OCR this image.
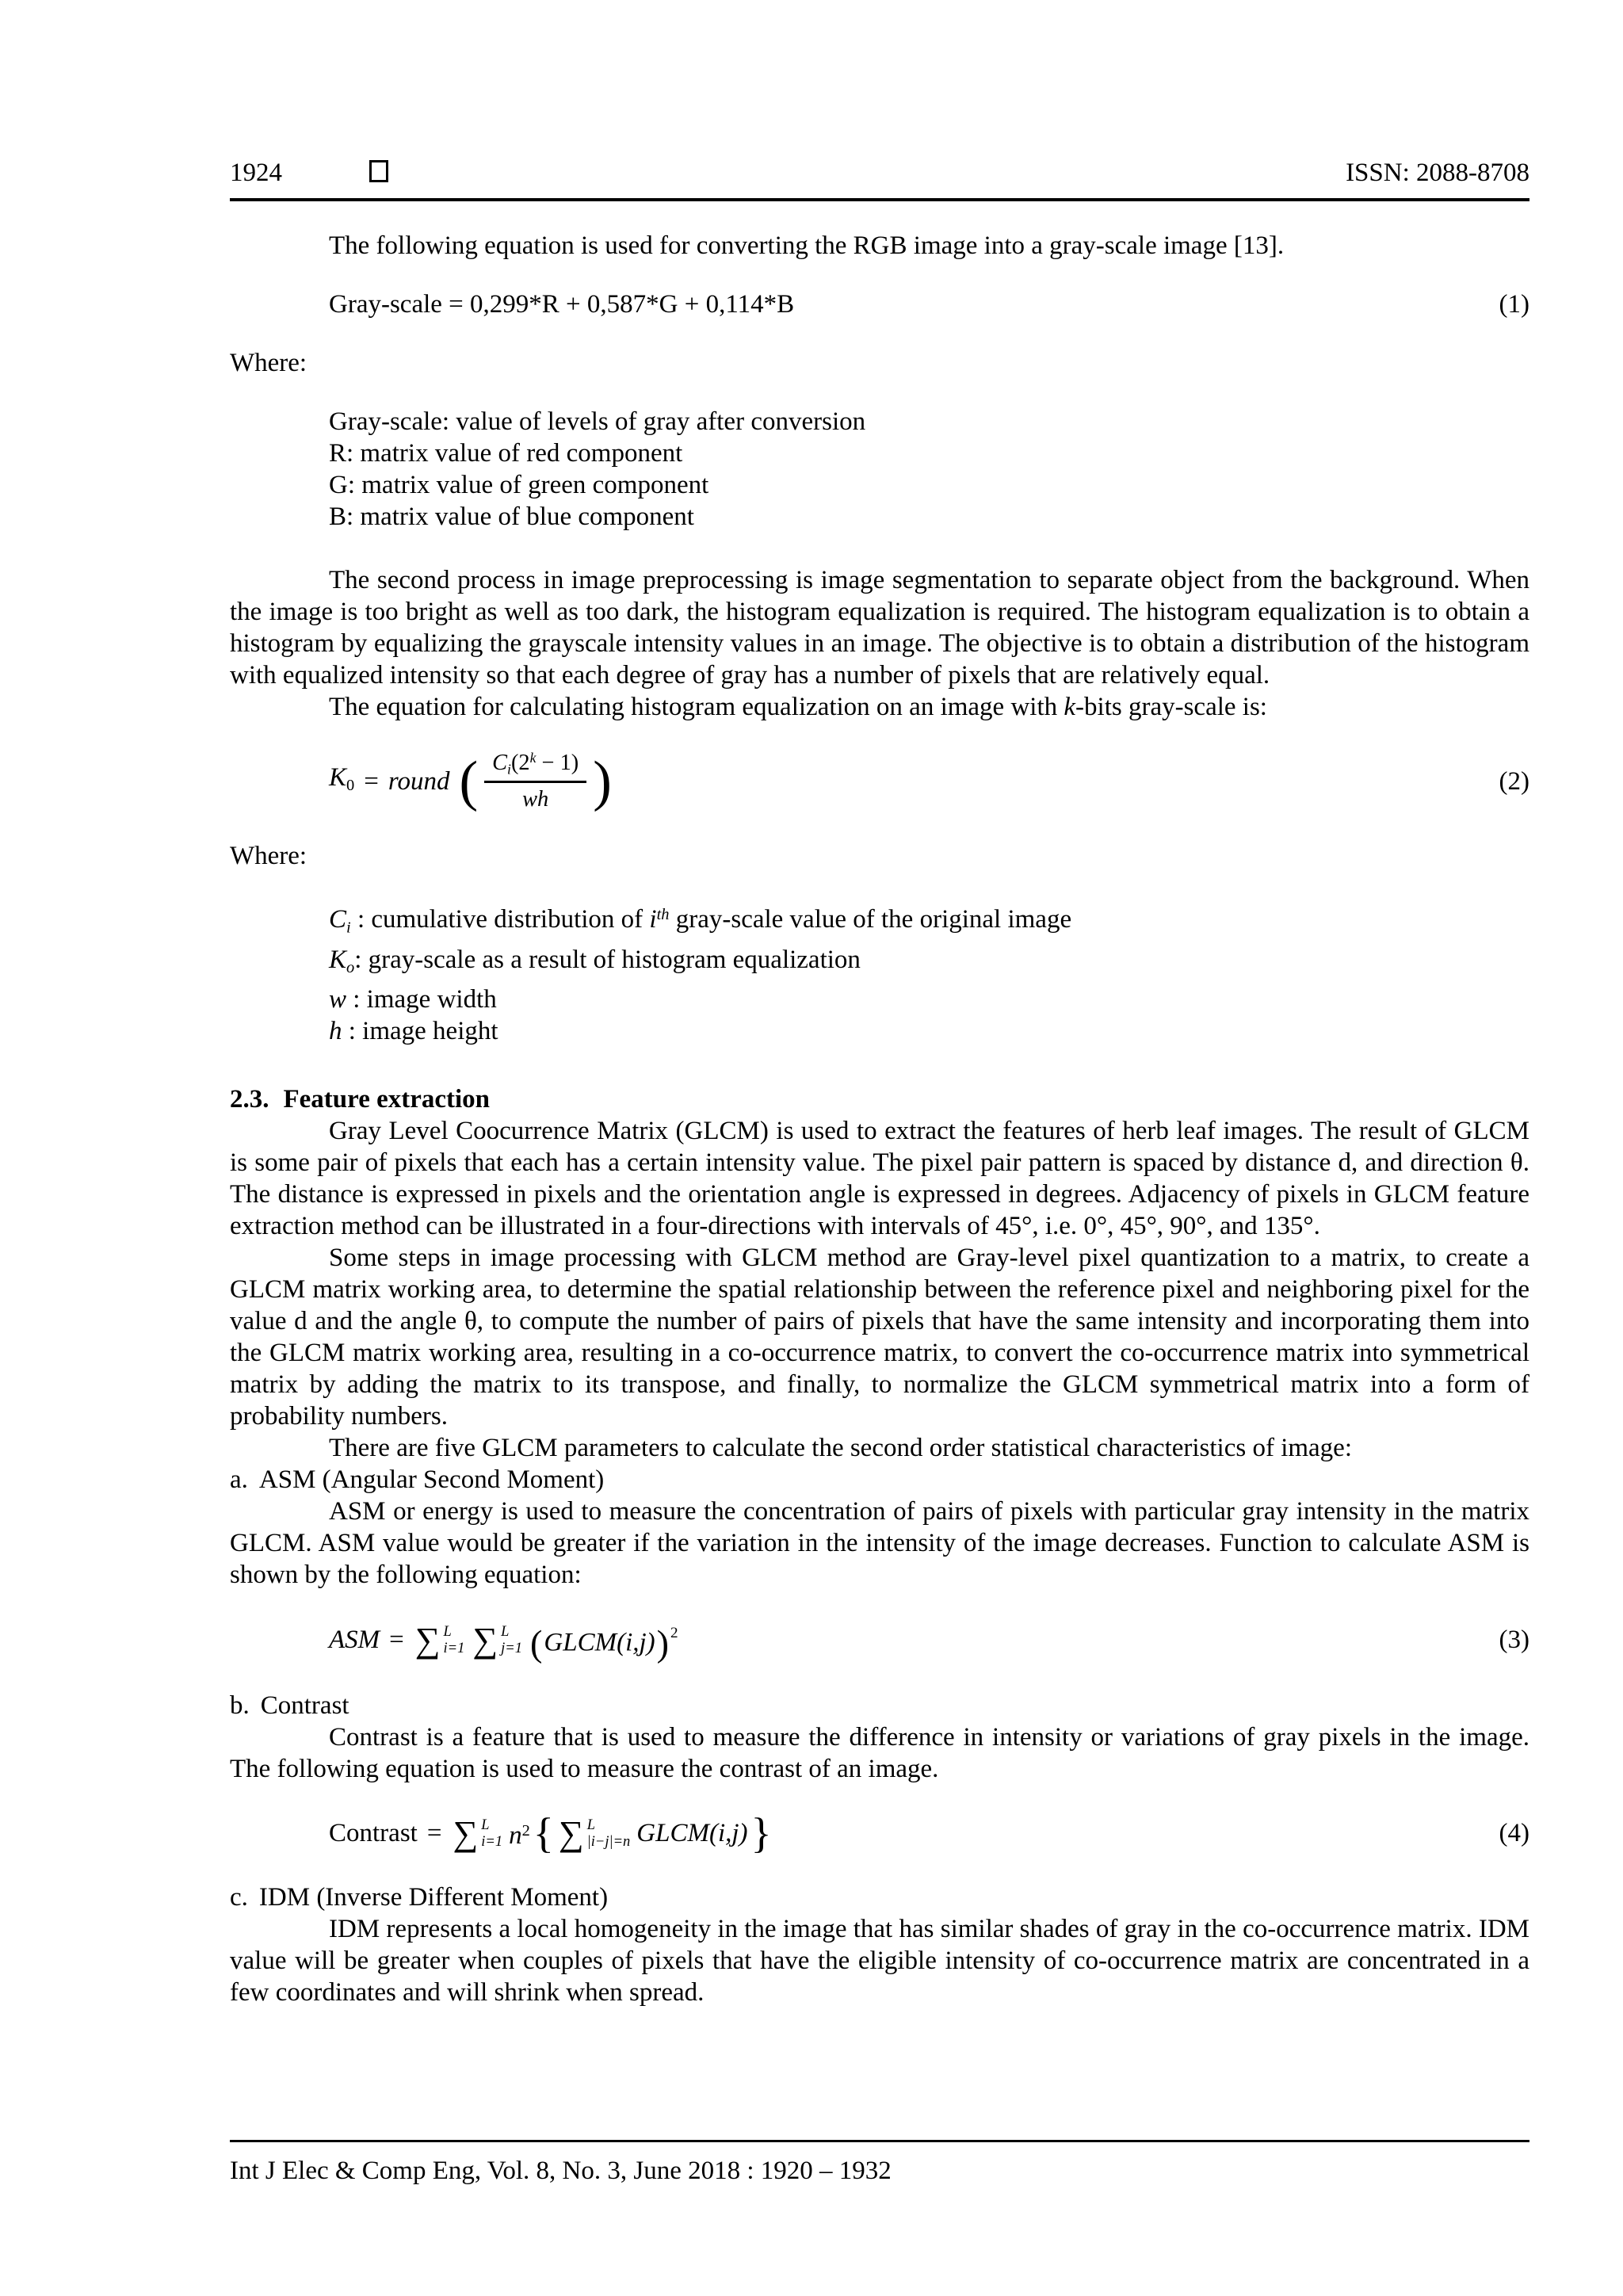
1924	ISSN: 2088-8708

The following equation is used for converting the RGB image into a gray-scale image [13].

Gray-scale = 0,299*R + 0,587*G + 0,114*B	(1)

Where:

Gray-scale: value of levels of gray after conversion

R: matrix value of red component

G: matrix value of green component

B: matrix value of blue component

The second process in image preprocessing is image segmentation to separate object from the background. When the image is too bright as well as too dark, the histogram equalization is required. The histogram equalization is to obtain a histogram by equalizing the grayscale intensity values in an image. The objective is to obtain a distribution of the histogram with equalized intensity so that each degree of gray has a number of pixels that are relatively equal.

The equation for calculating histogram equalization on an image with k-bits gray-scale is:

K0 = round ( $\frac{Ci(2^k - 1)}{wh}$ )	(2)

Where:

Ci : cumulative distribution of $i^{th}$ gray-scale value of the original image

Ko: gray-scale as a result of histogram equalization

w : image width

h : image height

2.3. Feature extraction

Gray Level Coocurrence Matrix (GLCM) is used to extract the features of herb leaf images. The result of GLCM is some pair of pixels that each has a certain intensity value. The pixel pair pattern is spaced by distance d, and direction θ. The distance is expressed in pixels and the orientation angle is expressed in degrees. Adjacency of pixels in GLCM feature extraction method can be illustrated in a four-directions with intervals of 45°, i.e. 0°, 45°, 90°, and 135°.

Some steps in image processing with GLCM method are Gray-level pixel quantization to a matrix, to create a GLCM matrix working area, to determine the spatial relationship between the reference pixel and neighboring pixel for the value d and the angle θ, to compute the number of pairs of pixels that have the same intensity and incorporating them into the GLCM matrix working area, resulting in a co-occurrence matrix, to convert the co-occurrence matrix into symmetrical matrix by adding the matrix to its transpose, and finally, to normalize the GLCM symmetrical matrix into a form of probability numbers.

There are five GLCM parameters to calculate the second order statistical characteristics of image:

a. ASM (Angular Second Moment)

ASM or energy is used to measure the concentration of pairs of pixels with particular gray intensity in the matrix GLCM. ASM value would be greater if the variation in the intensity of the image decreases. Function to calculate ASM is shown by the following equation:

ASM = ∑ L
i=1 ∑ L
j=1 (GLCM(i,j)) $^2$	(3)
b. Contrast

Contrast is a feature that is used to measure the difference in intensity or variations of gray pixels in the image. The following equation is used to measure the contrast of an image.

Contrast = ∑ L
i=1 $n^2$ { ∑ L
|i−j|=n GLCM(i,j) }	(4)
c. IDM (Inverse Different Moment)

IDM represents a local homogeneity in the image that has similar shades of gray in the co-occurrence matrix. IDM value will be greater when couples of pixels that have the eligible intensity of co-occurrence matrix are concentrated in a few coordinates and will shrink when spread.

Int J Elec & Comp Eng, Vol. 8, No. 3, June 2018 : 1920 – 1932
